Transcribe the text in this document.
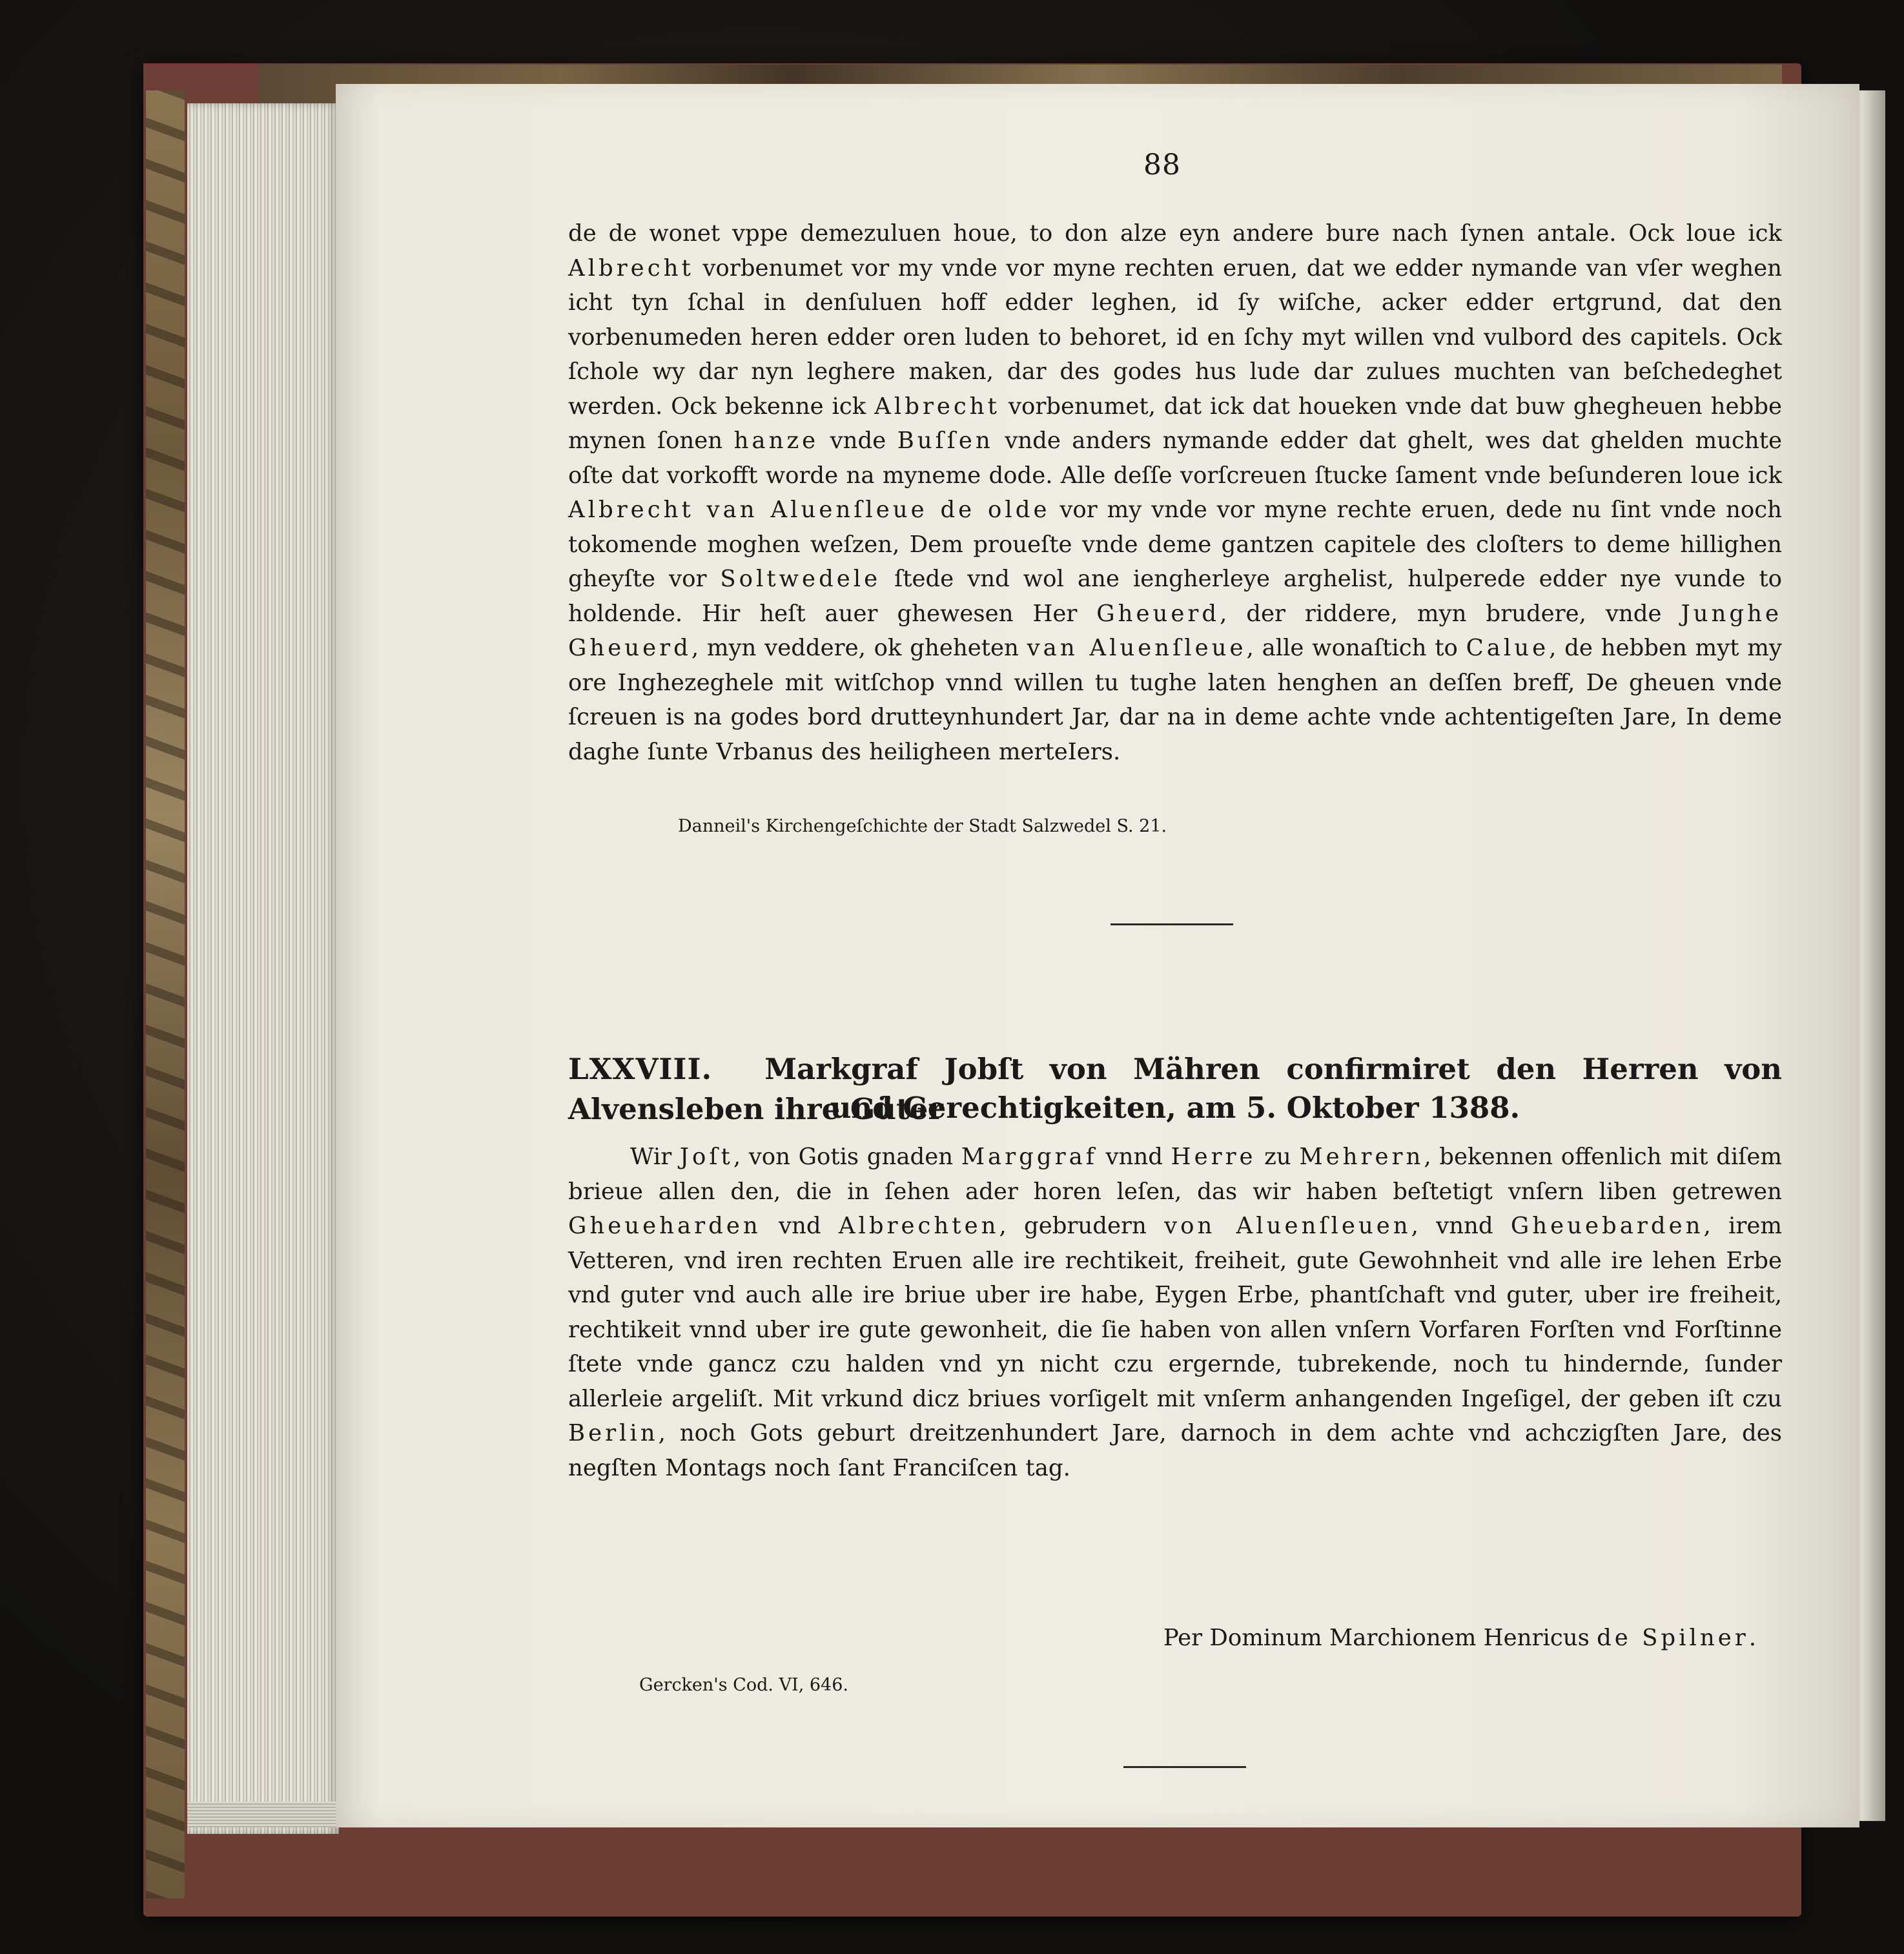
88
de de wonet vppe demezuluen houe, to don alze eyn andere bure nach ſynen antale. Ock loue ick Albrecht vorbenumet vor my vnde vor myne rechten eruen, dat we edder nymande van vſer weghen icht tyn ſchal in denſuluen hoff edder leghen, id ſy wiſche, acker edder ertgrund, dat den vorbenumeden heren edder oren luden to behoret, id en ſchy myt willen vnd vulbord des capitels. Ock ſchole wy dar nyn leghere maken, dar des godes hus lude dar zulues muchten van beſchedeghet werden. Ock bekenne ick Albrecht vorbenumet, dat ick dat houeken vnde dat buw ghegheuen hebbe mynen ſonen hanze vnde Buſſen vnde anders nymande edder dat ghelt, wes dat ghelden muchte oſte dat vorkofft worde na myneme dode. Alle deſſe vorſcreuen ſtucke ſament vnde beſunderen loue ick Albrecht van Aluenſleue de olde vor my vnde vor myne rechte eruen, dede nu ſint vnde noch tokomende moghen weſzen, Dem proueſte vnde deme gantzen capitele des cloſters to deme hillighen gheyſte vor Soltwedele ſtede vnd wol ane iengherleye arghelist, hulperede edder nye vunde to holdende. Hir heſt auer ghewesen Her Gheuerd, der riddere, myn brudere, vnde Junghe Gheuerd, myn veddere, ok gheheten van Aluenſleue, alle wonaſtich to Calue, de hebben myt my ore Inghezeghele mit witſchop vnnd willen tu tughe laten henghen an deſſen breff, De gheuen vnde ſcreuen is na godes bord drutteynhundert Jar, dar na in deme achte vnde achtentigeſten Jare, In deme daghe ſunte Vrbanus des heiligheen merteIers.
Danneil's Kirchengeſchichte der Stadt Salzwedel S. 21.
LXXVIII. Markgraf Jobſt von Mähren confirmiret den Herren von Alvensleben ihre Güter
und Gerechtigkeiten, am 5. Oktober 1388.
Wir Joſt, von Gotis gnaden Marggraf vnnd Herre zu Mehrern, bekennen offenlich mit diſem brieue allen den, die in ſehen ader horen leſen, das wir haben beſtetigt vnſern liben getrewen Gheueharden vnd Albrechten, gebrudern von Aluenſleuen, vnnd Gheuebarden, irem Vetteren, vnd iren rechten Eruen alle ire rechtikeit, freiheit, gute Gewohnheit vnd alle ire lehen Erbe vnd guter vnd auch alle ire briue uber ire habe, Eygen Erbe, phantſchaft vnd guter, uber ire freiheit, rechtikeit vnnd uber ire gute gewonheit, die ſie haben von allen vnſern Vorfaren Forſten vnd Forſtinne ſtete vnde gancz czu halden vnd yn nicht czu ergernde, tubrekende, noch tu hindernde, ſunder allerleie argeliſt. Mit vrkund dicz briues vorſigelt mit vnſerm anhangenden Ingeſigel, der geben iſt czu Berlin, noch Gots geburt dreitzenhundert Jare, darnoch in dem achte vnd achczigſten Jare, des negſten Montags noch ſant Franciſcen tag.
Per Dominum Marchionem Henricus de Spilner.
Gercken's Cod. VI, 646.
